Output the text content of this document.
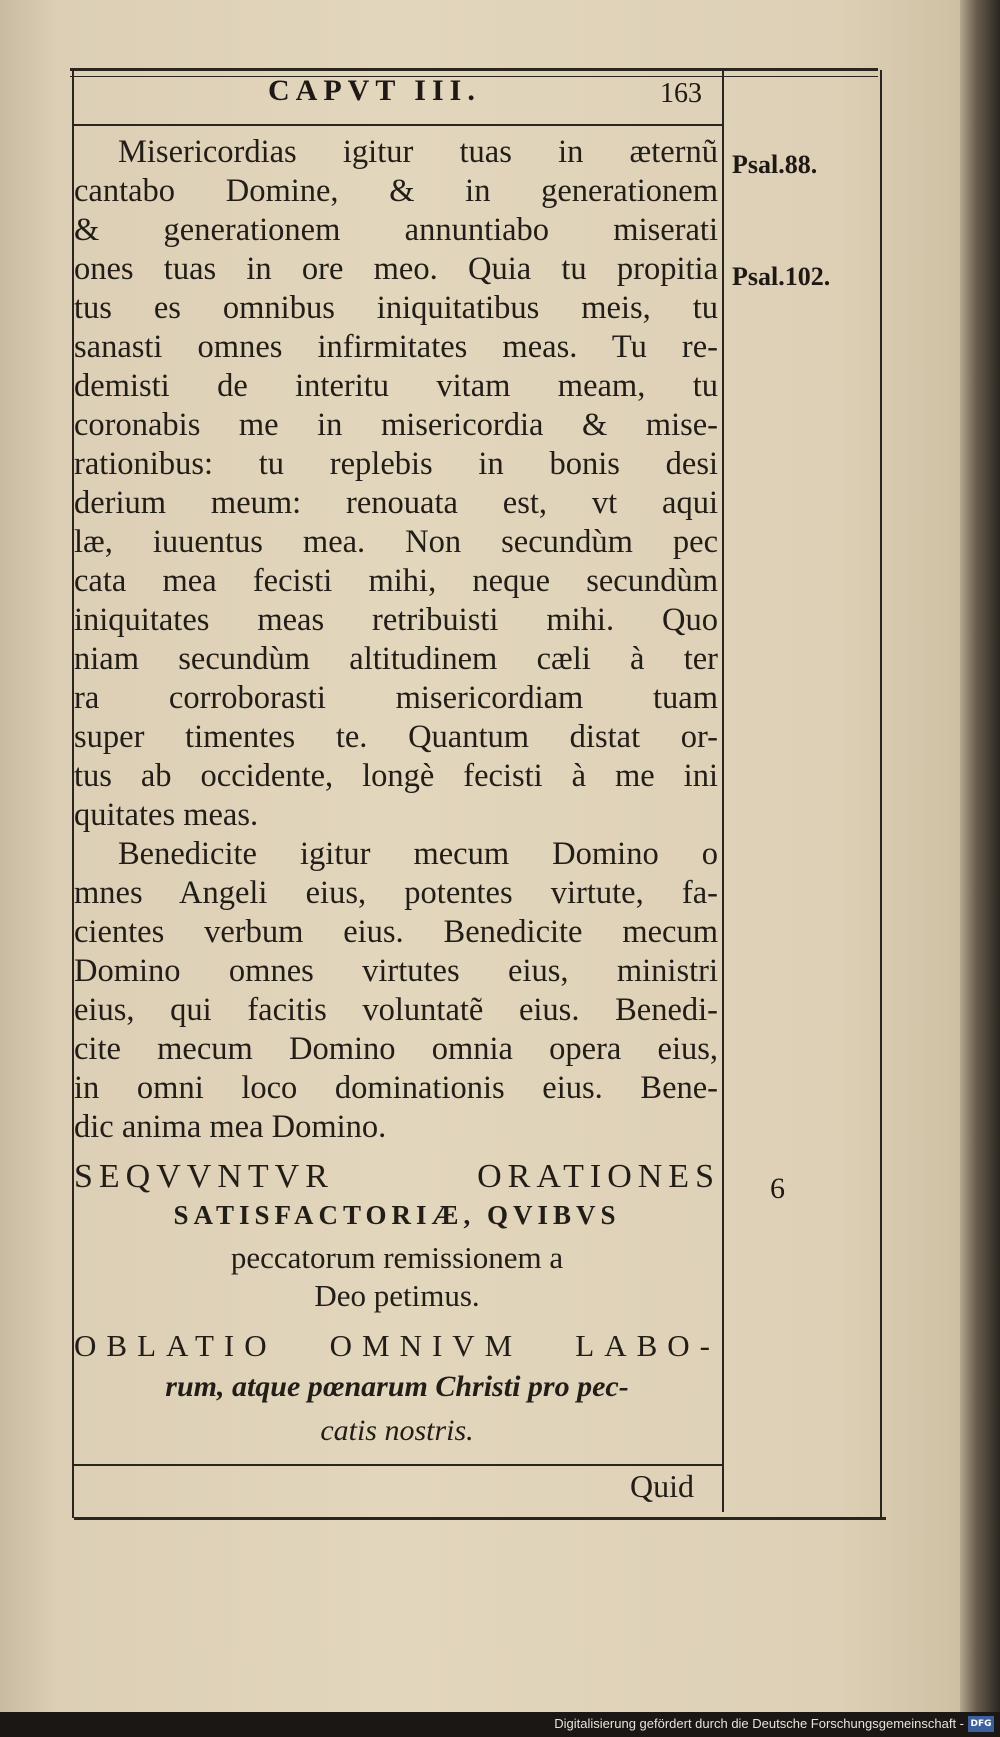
CAPVT III.	163
Psal.88.
Psal.102.
6
Misericordias igitur tuas in æternũ
cantabo Domine, & in generationem
& generationem annuntiabo miserati
ones tuas in ore meo. Quia tu propitia
tus es omnibus iniquitatibus meis, tu
sanasti omnes infirmitates meas. Tu re-
demisti de interitu vitam meam, tu
coronabis me in misericordia & mise-
rationibus: tu replebis in bonis desi
derium meum: renouata est, vt aqui
læ, iuuentus mea. Non secundùm pec
cata mea fecisti mihi, neque secundùm
iniquitates meas retribuisti mihi. Quo
niam secundùm altitudinem cæli à ter
ra corroborasti misericordiam tuam
super timentes te. Quantum distat or-
tus ab occidente, longè fecisti à me ini
quitates meas.
Benedicite igitur mecum Domino o
mnes Angeli eius, potentes virtute, fa-
cientes verbum eius. Benedicite mecum
Domino omnes virtutes eius, ministri
eius, qui facitis voluntatẽ eius. Benedi-
cite mecum Domino omnia opera eius,
in omni loco dominationis eius. Bene-
dic anima mea Domino.
SEQVVNTVR ORATIONES
SATISFACTORIÆ, QVIBVS
peccatorum remissionem a
Deo petimus.
OBLATIO OMNIVM LABO-
rum, atque pœnarum Christi pro pec-
catis nostris.
Quid
Digitalisierung gefördert durch die Deutsche Forschungsgemeinschaft - DFG
